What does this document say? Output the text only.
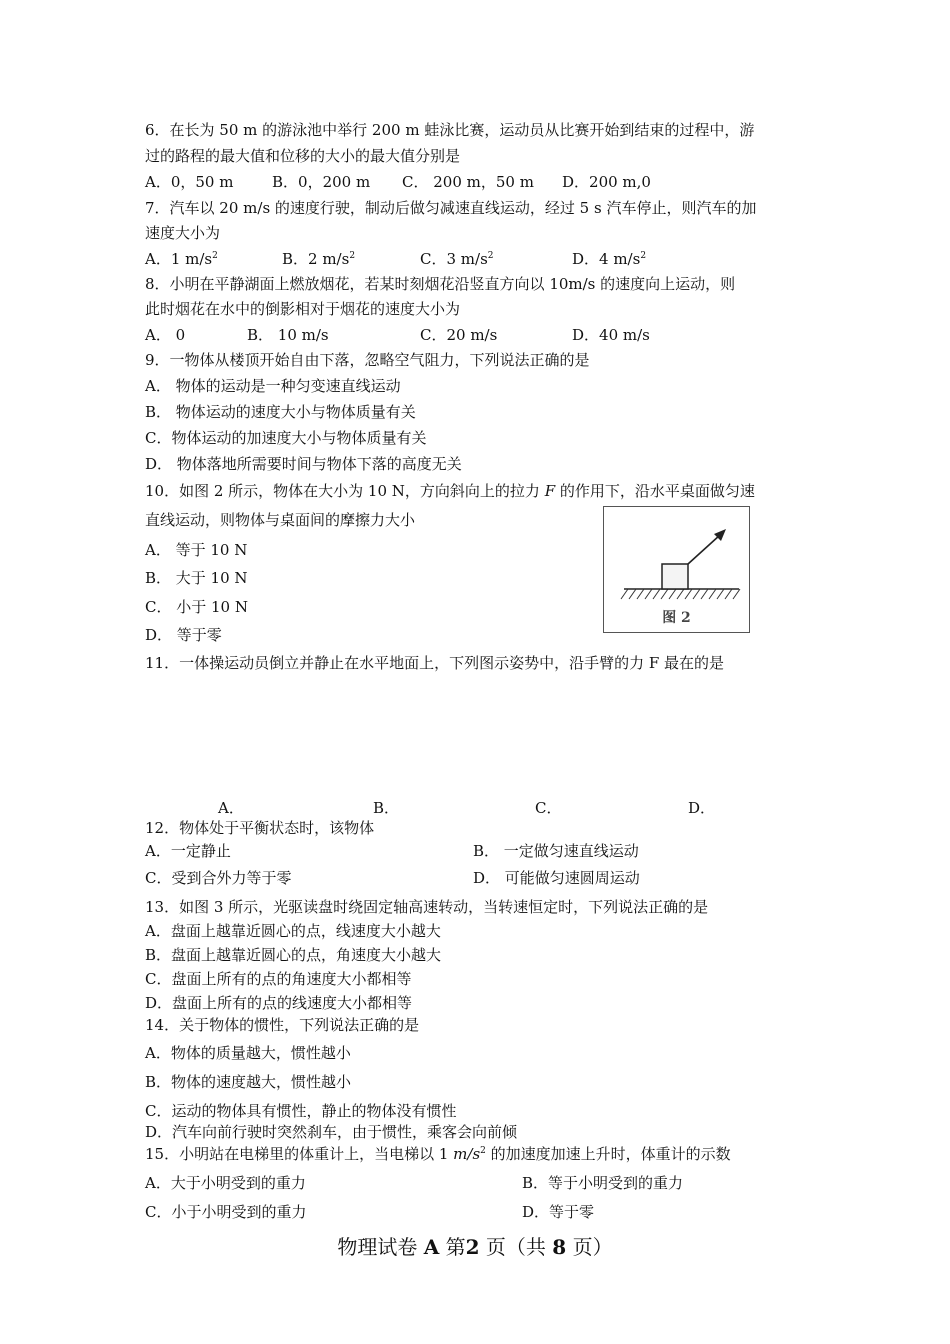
6．在长为 50 m 的游泳池中举行 200 m 蛙泳比赛，运动员从比赛开始到结束的过程中，游
过的路程的最大值和位移的大小的最大值分别是
A．0，50 m	B．0，200 m C． 200 m，50 m D．200 m,0
7．汽车以 20 m/s 的速度行驶，制动后做匀减速直线运动，经过 5 s 汽车停止，则汽车的加
速度大小为
A．1 $m/s^2$	B．2 $m/s^2$	C．3 $m/s^2$	D．4 $m/s^2$
8．小明在平静湖面上燃放烟花，若某时刻烟花沿竖直方向以 10m/s 的速度向上运动，则
此时烟花在水中的倒影相对于烟花的速度大小为
A． 0	B． 10 m/s	C．20 m/s	D．40 m/s
9．一物体从楼顶开始自由下落，忽略空气阻力，下列说法正确的是
A． 物体的运动是一种匀变速直线运动
B． 物体运动的速度大小与物体质量有关
C．物体运动的加速度大小与物体质量有关
D． 物体落地所需要时间与物体下落的高度无关
10．如图 2 所示，物体在大小为 10 N，方向斜向上的拉力 F 的作用下，沿水平桌面做匀速
直线运动，则物体与桌面间的摩擦力大小
A． 等于 10 N
B． 大于 10 N
C． 小于 10 N
D． 等于零
图 2
11．一体操运动员倒立并静止在水平地面上，下列图示姿势中，沿手臂的力 F 最在的是
A．	B．	C．	D．
12．物体处于平衡状态时，该物体
A．一定静止	B． 一定做匀速直线运动
C．受到合外力等于零	D． 可能做匀速圆周运动
13．如图 3 所示，光驱读盘时绕固定轴高速转动，当转速恒定时，下列说法正确的是
A．盘面上越靠近圆心的点，线速度大小越大
B．盘面上越靠近圆心的点，角速度大小越大
C．盘面上所有的点的角速度大小都相等
D．盘面上所有的点的线速度大小都相等
14．关于物体的惯性，下列说法正确的是
A．物体的质量越大，惯性越小
B．物体的速度越大，惯性越小
C．运动的物体具有惯性，静止的物体没有惯性
D．汽车向前行驶时突然刹车，由于惯性，乘客会向前倾
15．小明站在电梯里的体重计上，当电梯以 1 $m/s^2$ 的加速度加速上升时，体重计的示数
A．大于小明受到的重力	B．等于小明受到的重力
C．小于小明受到的重力	D．等于零
物理试卷 A 第2 页（共 8 页）
